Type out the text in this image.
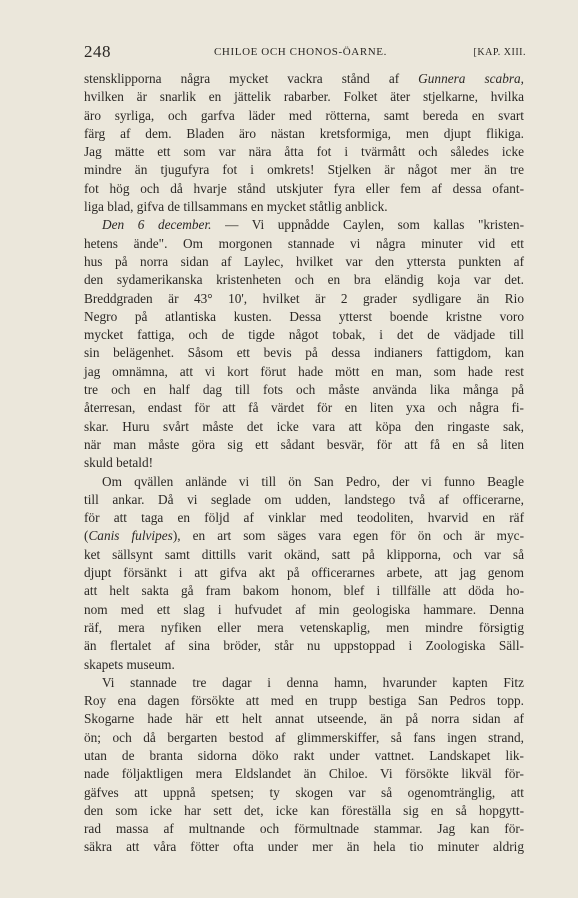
248	CHILOE OCH CHONOS-ÖARNE.	[KAP. XIII.
stensklipporna några mycket vackra stånd af Gunnera scabra,
hvilken är snarlik en jättelik rabarber. Folket äter stjelkarne, hvilka
äro syrliga, och garfva läder med rötterna, samt bereda en svart
färg af dem. Bladen äro nästan kretsformiga, men djupt flikiga.
Jag mätte ett som var nära åtta fot i tvärmått och således icke
mindre än tjugufyra fot i omkrets! Stjelken är något mer än tre
fot hög och då hvarje stånd utskjuter fyra eller fem af dessa ofant-
liga blad, gifva de tillsammans en mycket ståtlig anblick.
Den 6 december. — Vi uppnådde Caylen, som kallas "kristen-
hetens ände". Om morgonen stannade vi några minuter vid ett
hus på norra sidan af Laylec, hvilket var den yttersta punkten af
den sydamerikanska kristenheten och en bra eländig koja var det.
Breddgraden är 43° 10', hvilket är 2 grader sydligare än Rio
Negro på atlantiska kusten. Dessa ytterst boende kristne voro
mycket fattiga, och de tigde något tobak, i det de vädjade till
sin belägenhet. Såsom ett bevis på dessa indianers fattigdom, kan
jag omnämna, att vi kort förut hade mött en man, som hade rest
tre och en half dag till fots och måste använda lika många på
återresan, endast för att få värdet för en liten yxa och några fi-
skar. Huru svårt måste det icke vara att köpa den ringaste sak,
när man måste göra sig ett sådant besvär, för att få en så liten
skuld betald!
Om qvällen anlände vi till ön San Pedro, der vi funno Beagle
till ankar. Då vi seglade om udden, landstego två af officerarne,
för att taga en följd af vinklar med teodoliten, hvarvid en räf
(Canis fulvipes), en art som säges vara egen för ön och är myc-
ket sällsynt samt dittills varit okänd, satt på klipporna, och var så
djupt försänkt i att gifva akt på officerarnes arbete, att jag genom
att helt sakta gå fram bakom honom, blef i tillfälle att döda ho-
nom med ett slag i hufvudet af min geologiska hammare. Denna
räf, mera nyfiken eller mera vetenskaplig, men mindre försigtig
än flertalet af sina bröder, står nu uppstoppad i Zoologiska Säll-
skapets museum.
Vi stannade tre dagar i denna hamn, hvarunder kapten Fitz
Roy ena dagen försökte att med en trupp bestiga San Pedros topp.
Skogarne hade här ett helt annat utseende, än på norra sidan af
ön; och då bergarten bestod af glimmerskiffer, så fans ingen strand,
utan de branta sidorna döko rakt under vattnet. Landskapet lik-
nade följaktligen mera Eldslandet än Chiloe. Vi försökte likväl för-
gäfves att uppnå spetsen; ty skogen var så ogenomtränglig, att
den som icke har sett det, icke kan föreställa sig en så hopgytt-
rad massa af multnande och förmultnade stammar. Jag kan för-
säkra att våra fötter ofta under mer än hela tio minuter aldrig
